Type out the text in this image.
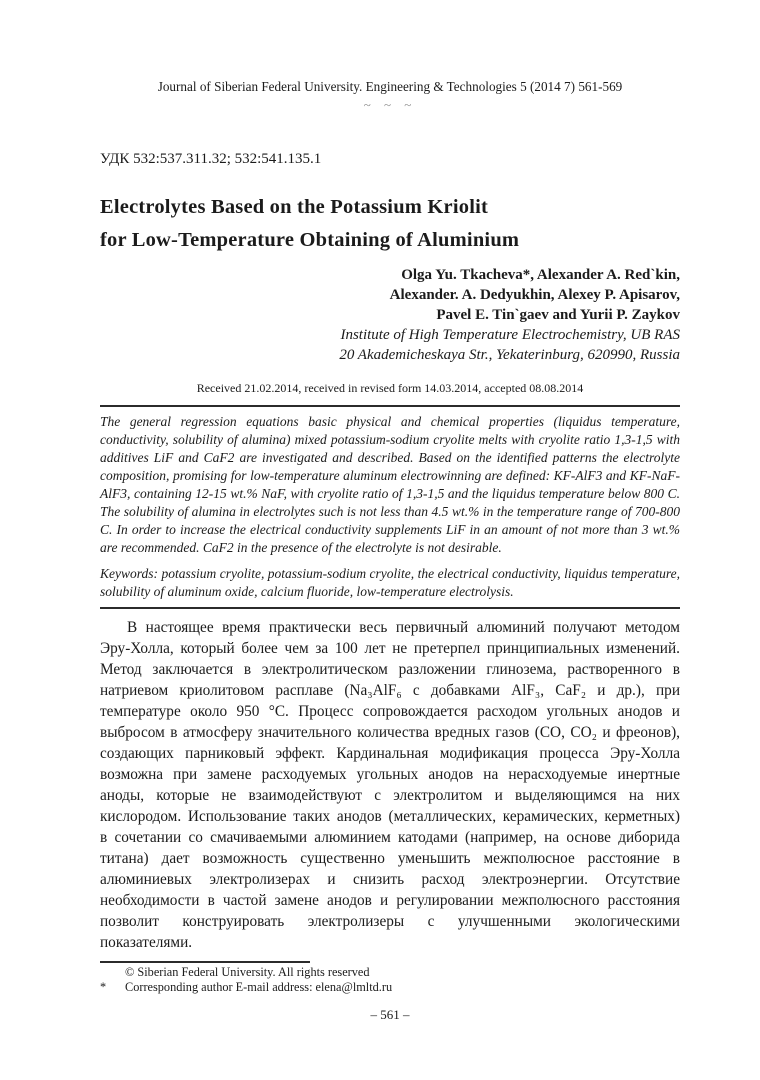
Journal of Siberian Federal University. Engineering & Technologies 5 (2014 7) 561-569
~ ~ ~
УДК 532:537.311.32; 532:541.135.1
Electrolytes Based on the Potassium Kriolit
for Low-Temperature Obtaining of Aluminium
Olga Yu. Tkacheva*, Alexander A. Red`kin,
Alexander. A. Dedyukhin, Alexey P. Apisarov,
Pavel E. Tin`gaev and Yurii P. Zaykov
Institute of High Temperature Electrochemistry, UB RAS
20 Akademicheskaya Str., Yekaterinburg, 620990, Russia
Received 21.02.2014, received in revised form 14.03.2014, accepted 08.08.2014

The general regression equations basic physical and chemical properties (liquidus temperature, conductivity, solubility of alumina) mixed potassium-sodium cryolite melts with cryolite ratio 1,3-1,5 with additives LiF and CaF2 are investigated and described. Based on the identified patterns the electrolyte composition, promising for low-temperature aluminum electrowinning are defined: KF-AlF3 and KF-NaF-AlF3, containing 12-15 wt.% NaF, with cryolite ratio of 1,3-1,5 and the liquidus temperature below 800 C. The solubility of alumina in electrolytes such is not less than 4.5 wt.% in the temperature range of 700-800 C. In order to increase the electrical conductivity supplements LiF in an amount of not more than 3 wt.% are recommended. CaF2 in the presence of the electrolyte is not desirable.

Keywords: potassium cryolite, potassium-sodium cryolite, the electrical conductivity, liquidus temperature, solubility of aluminum oxide, calcium fluoride, low-temperature electrolysis.

В настоящее время практически весь первичный алюминий получают методом Эру-Холла, который более чем за 100 лет не претерпел принципиальных изменений. Метод заключается в электролитическом разложении глинозема, растворенного в натриевом криолитовом расплаве (Na₃AlF₆ с добавками AlF₃, CaF₂ и др.), при температуре около 950 °С. Процесс сопровождается расходом угольных анодов и выбросом в атмосферу значительного количества вредных газов (СО, СО₂ и фреонов), создающих парниковый эффект. Кардинальная модификация процесса Эру-Холла возможна при замене расходуемых угольных анодов на нерасходуемые инертные аноды, которые не взаимодействуют с электролитом и выделяющимся на них кислородом. Использование таких анодов (металлических, керамических, керметных) в сочетании со смачиваемыми алюминием катодами (например, на основе диборида титана) дает возможность существенно уменьшить межполюсное расстояние в алюминиевых электролизерах и снизить расход электроэнергии. Отсутствие необходимости в частой замене анодов и регулировании межполюсного расстояния позволит конструировать электролизеры с улучшенными экологическими показателями.

© Siberian Federal University. All rights reserved
*	Corresponding author E-mail address: elena@lmltd.ru
– 561 –
